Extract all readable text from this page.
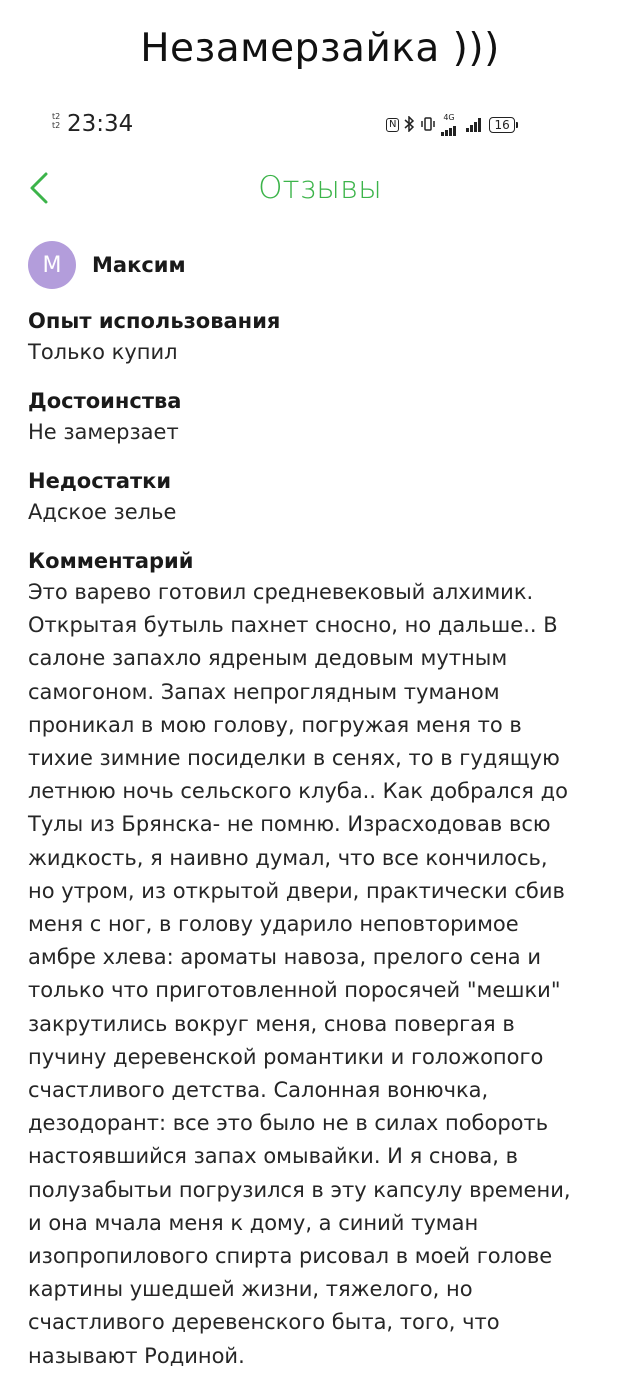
Незамерзайка )))
t2
t2 23:34	N
4G
16
Отзывы
M	Максим
Опыт использования
Только купил
Достоинства
Не замерзает
Недостатки
Адское зелье
Комментарий
Это варево готовил средневековый алхимик.
Открытая бутыль пахнет сносно, но дальше.. В
салоне запахло ядреным дедовым мутным
самогоном. Запах непроглядным туманом
проникал в мою голову, погружая меня то в
тихие зимние посиделки в сенях, то в гудящую
летнюю ночь сельского клуба.. Как добрался до
Тулы из Брянска- не помню. Израсходовав всю
жидкость, я наивно думал, что все кончилось,
но утром, из открытой двери, практически сбив
меня с ног, в голову ударило неповторимое
амбре хлева: ароматы навоза, прелого сена и
только что приготовленной поросячей "мешки"
закрутились вокруг меня, снова повергая в
пучину деревенской романтики и голожопого
счастливого детства. Салонная вонючка,
дезодорант: все это было не в силах побороть
настоявшийся запах омывайки. И я снова, в
полузабытьи погрузился в эту капсулу времени,
и она мчала меня к дому, а синий туман
изопропилового спирта рисовал в моей голове
картины ушедшей жизни, тяжелого, но
счастливого деревенского быта, того, что
называют Родиной.
